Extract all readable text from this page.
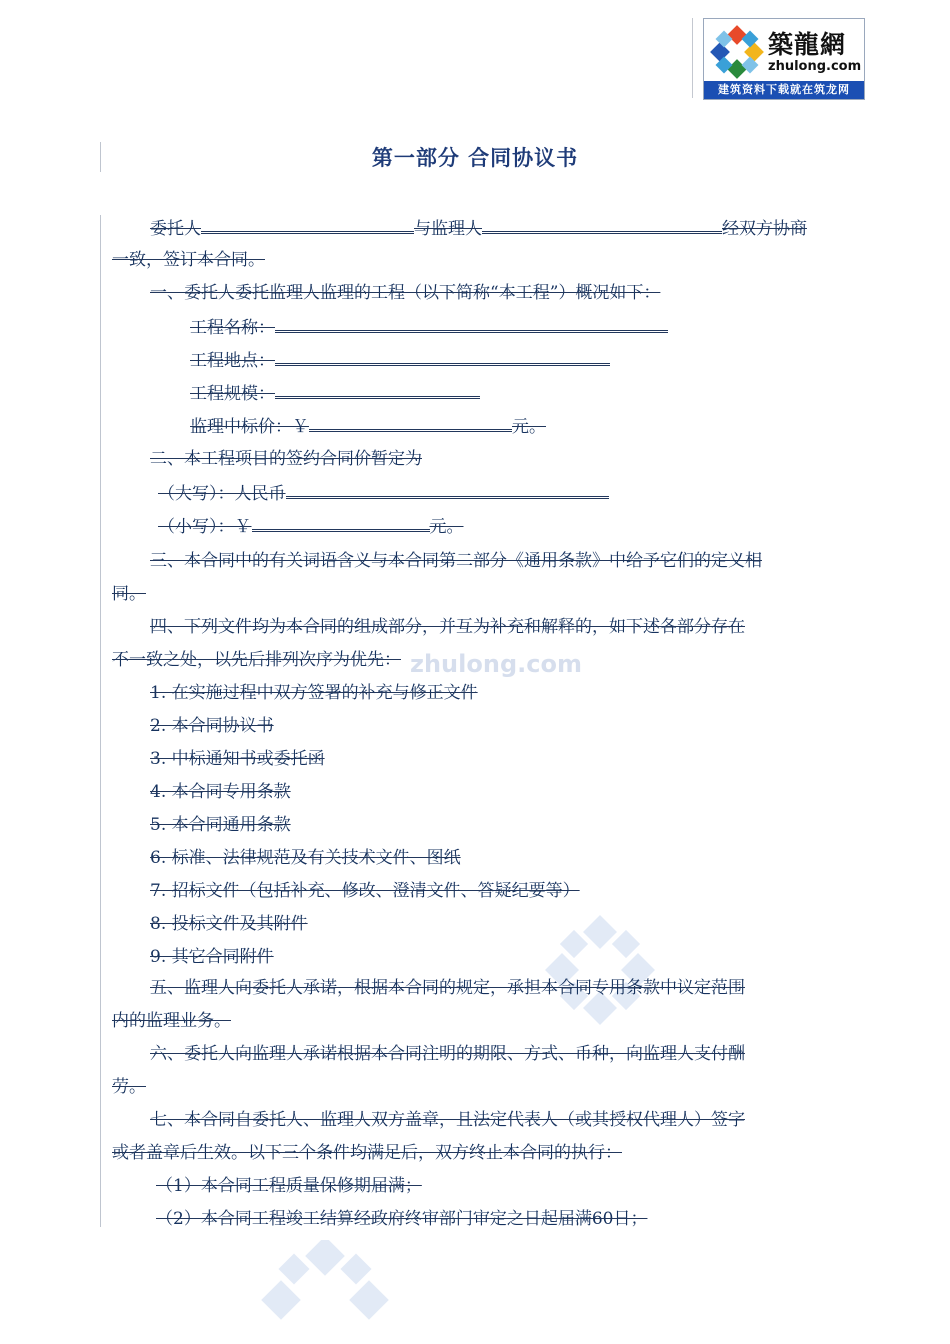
築龍網
zhulong.com
建筑资料下载就在筑龙网
zhulong.com
第一部分 合同协议书
委托人	与监理人	经双方协商
一致，签订本合同。
一、委托人委托监理人监理的工程（以下简称“本工程”）概况如下：
工程名称：
工程地点：
工程规模：
监理中标价：￥	元。
二、本工程项目的签约合同价暂定为
（大写）：人民币
（小写）：￥	元。
三、本合同中的有关词语含义与本合同第二部分《通用条款》中给予它们的定义相
同。
四、下列文件均为本合同的组成部分，并互为补充和解释的，如下述各部分存在
不一致之处，以先后排列次序为优先：
1. 在实施过程中双方签署的补充与修正文件
2. 本合同协议书
3. 中标通知书或委托函
4. 本合同专用条款
5. 本合同通用条款
6. 标准、法律规范及有关技术文件、图纸
7. 招标文件（包括补充、修改、澄清文件、答疑纪要等）
8. 投标文件及其附件
9. 其它合同附件
五、监理人向委托人承诺，根据本合同的规定，承担本合同专用条款中议定范围
内的监理业务。
六、委托人向监理人承诺根据本合同注明的期限、方式、币种，向监理人支付酬
劳。
七、本合同自委托人、监理人双方盖章，且法定代表人（或其授权代理人）签字
或者盖章后生效。以下三个条件均满足后，双方终止本合同的执行：
（1）本合同工程质量保修期届满；
（2）本合同工程竣工结算经政府终审部门审定之日起届满60日；
